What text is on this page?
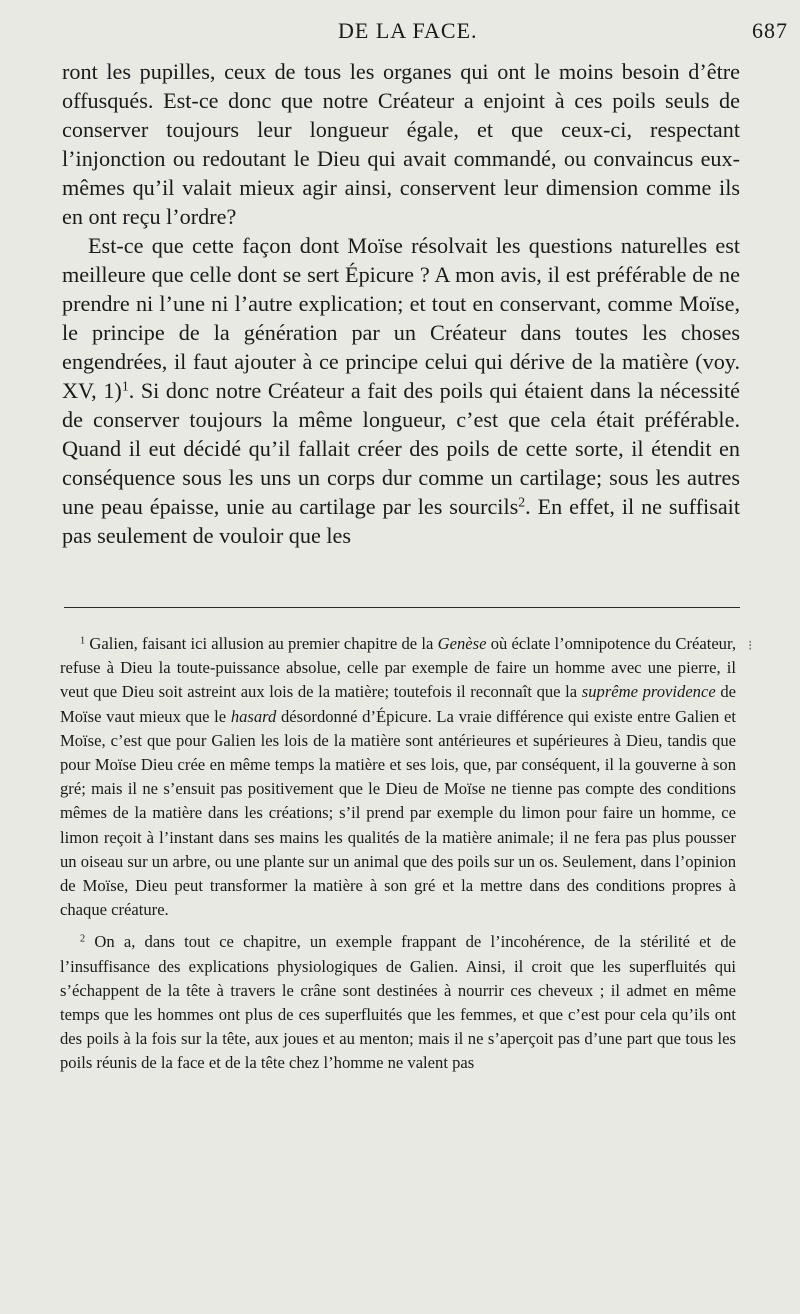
DE LA FACE.	687

ront les pupilles, ceux de tous les organes qui ont le moins besoin d’être offusqués. Est-ce donc que notre Créateur a enjoint à ces poils seuls de conserver toujours leur longueur égale, et que ceux-ci, respectant l’injonction ou redoutant le Dieu qui avait commandé, ou convaincus eux-mêmes qu’il valait mieux agir ainsi, conservent leur dimension comme ils en ont reçu l’ordre?

Est-ce que cette façon dont Moïse résolvait les questions naturelles est meilleure que celle dont se sert Épicure ? A mon avis, il est préférable de ne prendre ni l’une ni l’autre explication; et tout en conservant, comme Moïse, le principe de la génération par un Créateur dans toutes les choses engendrées, il faut ajouter à ce principe celui qui dérive de la matière (voy. XV, 1)$^1$. Si donc notre Créateur a fait des poils qui étaient dans la nécessité de conserver toujours la même longueur, c’est que cela était préférable. Quand il eut décidé qu’il fallait créer des poils de cette sorte, il étendit en conséquence sous les uns un corps dur comme un cartilage; sous les autres une peau épaisse, unie au cartilage par les sourcils$^2$. En effet, il ne suffisait pas seulement de vouloir que les

$^1$ Galien, faisant ici allusion au premier chapitre de la Genèse où éclate l’omnipotence du Créateur, refuse à Dieu la toute-puissance absolue, celle par exemple de faire un homme avec une pierre, il veut que Dieu soit astreint aux lois de la matière; toutefois il reconnaît que la suprême providence de Moïse vaut mieux que le hasard désordonné d’Épicure. La vraie différence qui existe entre Galien et Moïse, c’est que pour Galien les lois de la matière sont antérieures et supérieures à Dieu, tandis que pour Moïse Dieu crée en même temps la matière et ses lois, que, par conséquent, il la gouverne à son gré; mais il ne s’ensuit pas positivement que le Dieu de Moïse ne tienne pas compte des conditions mêmes de la matière dans les créations; s’il prend par exemple du limon pour faire un homme, ce limon reçoit à l’instant dans ses mains les qualités de la matière animale; il ne fera pas plus pousser un oiseau sur un arbre, ou une plante sur un animal que des poils sur un os. Seulement, dans l’opinion de Moïse, Dieu peut transformer la matière à son gré et la mettre dans des conditions propres à chaque créature.

$^2$ On a, dans tout ce chapitre, un exemple frappant de l’incohérence, de la stérilité et de l’insuffisance des explications physiologiques de Galien. Ainsi, il croit que les superfluités qui s’échappent de la tête à travers le crâne sont destinées à nourrir ces cheveux ; il admet en même temps que les hommes ont plus de ces superfluités que les femmes, et que c’est pour cela qu’ils ont des poils à la fois sur la tête, aux joues et au menton; mais il ne s’aperçoit pas d’une part que tous les poils réunis de la face et de la tête chez l’homme ne valent pas

⁝
